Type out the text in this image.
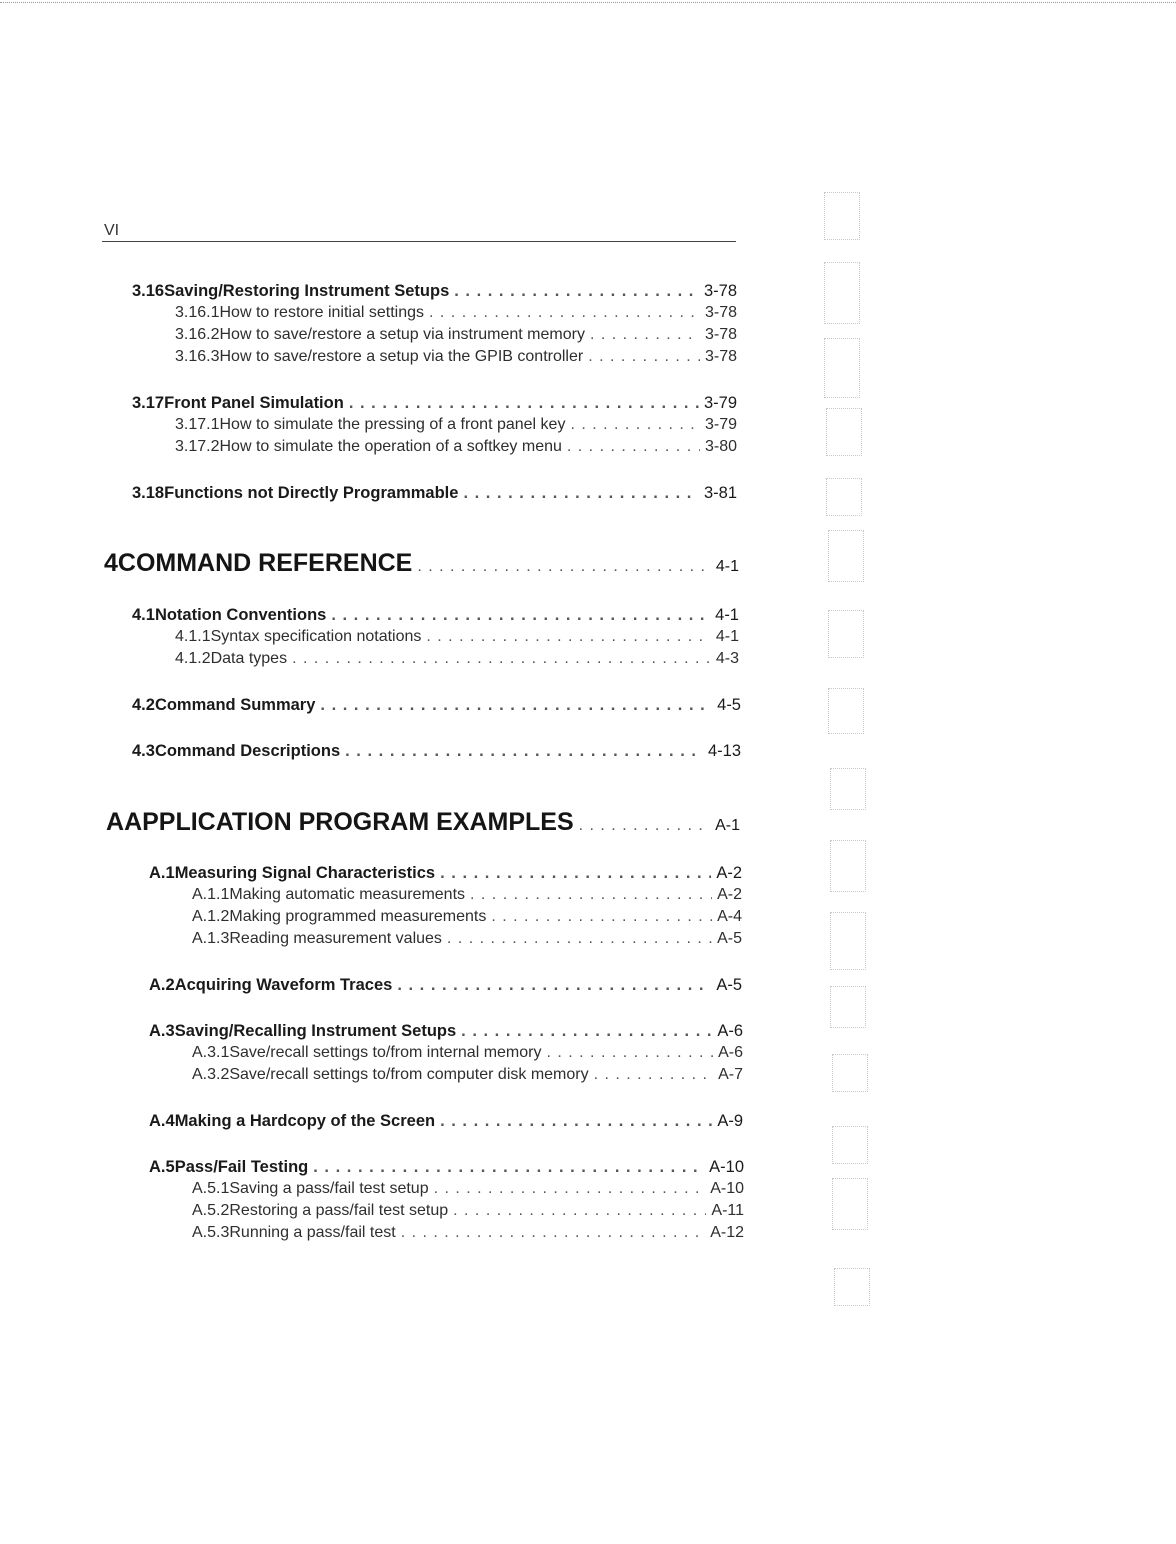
VI
3.16 Saving/Restoring Instrument Setups . . .	3-78
3.16.1 How to restore initial settings . . .	3-78
3.16.2 How to save/restore a setup via instrument memory . . .	3-78
3.16.3 How to save/restore a setup via the GPIB controller . . .	3-78
3.17 Front Panel Simulation . . .	3-79
3.17.1 How to simulate the pressing of a front panel key . . .	3-79
3.17.2 How to simulate the operation of a softkey menu . . .	3-80
3.18 Functions not Directly Programmable . . .	3-81
4 COMMAND REFERENCE . . .	4-1
4.1 Notation Conventions . . .	4-1
4.1.1 Syntax specification notations . . .	4-1
4.1.2 Data types . . .	4-3
4.2 Command Summary . . .	4-5
4.3 Command Descriptions . . .	4-13
A APPLICATION PROGRAM EXAMPLES . . .	A-1
A.1 Measuring Signal Characteristics . . .	A-2
A.1.1 Making automatic measurements . . .	A-2
A.1.2 Making programmed measurements . . .	A-4
A.1.3 Reading measurement values . . .	A-5
A.2 Acquiring Waveform Traces . . .	A-5
A.3 Saving/Recalling Instrument Setups . . .	A-6
A.3.1 Save/recall settings to/from internal memory . . .	A-6
A.3.2 Save/recall settings to/from computer disk memory . . .	A-7
A.4 Making a Hardcopy of the Screen . . .	A-9
A.5 Pass/Fail Testing . . .	A-10
A.5.1 Saving a pass/fail test setup . . .	A-10
A.5.2 Restoring a pass/fail test setup . . .	A-11
A.5.3 Running a pass/fail test . . .	A-12
